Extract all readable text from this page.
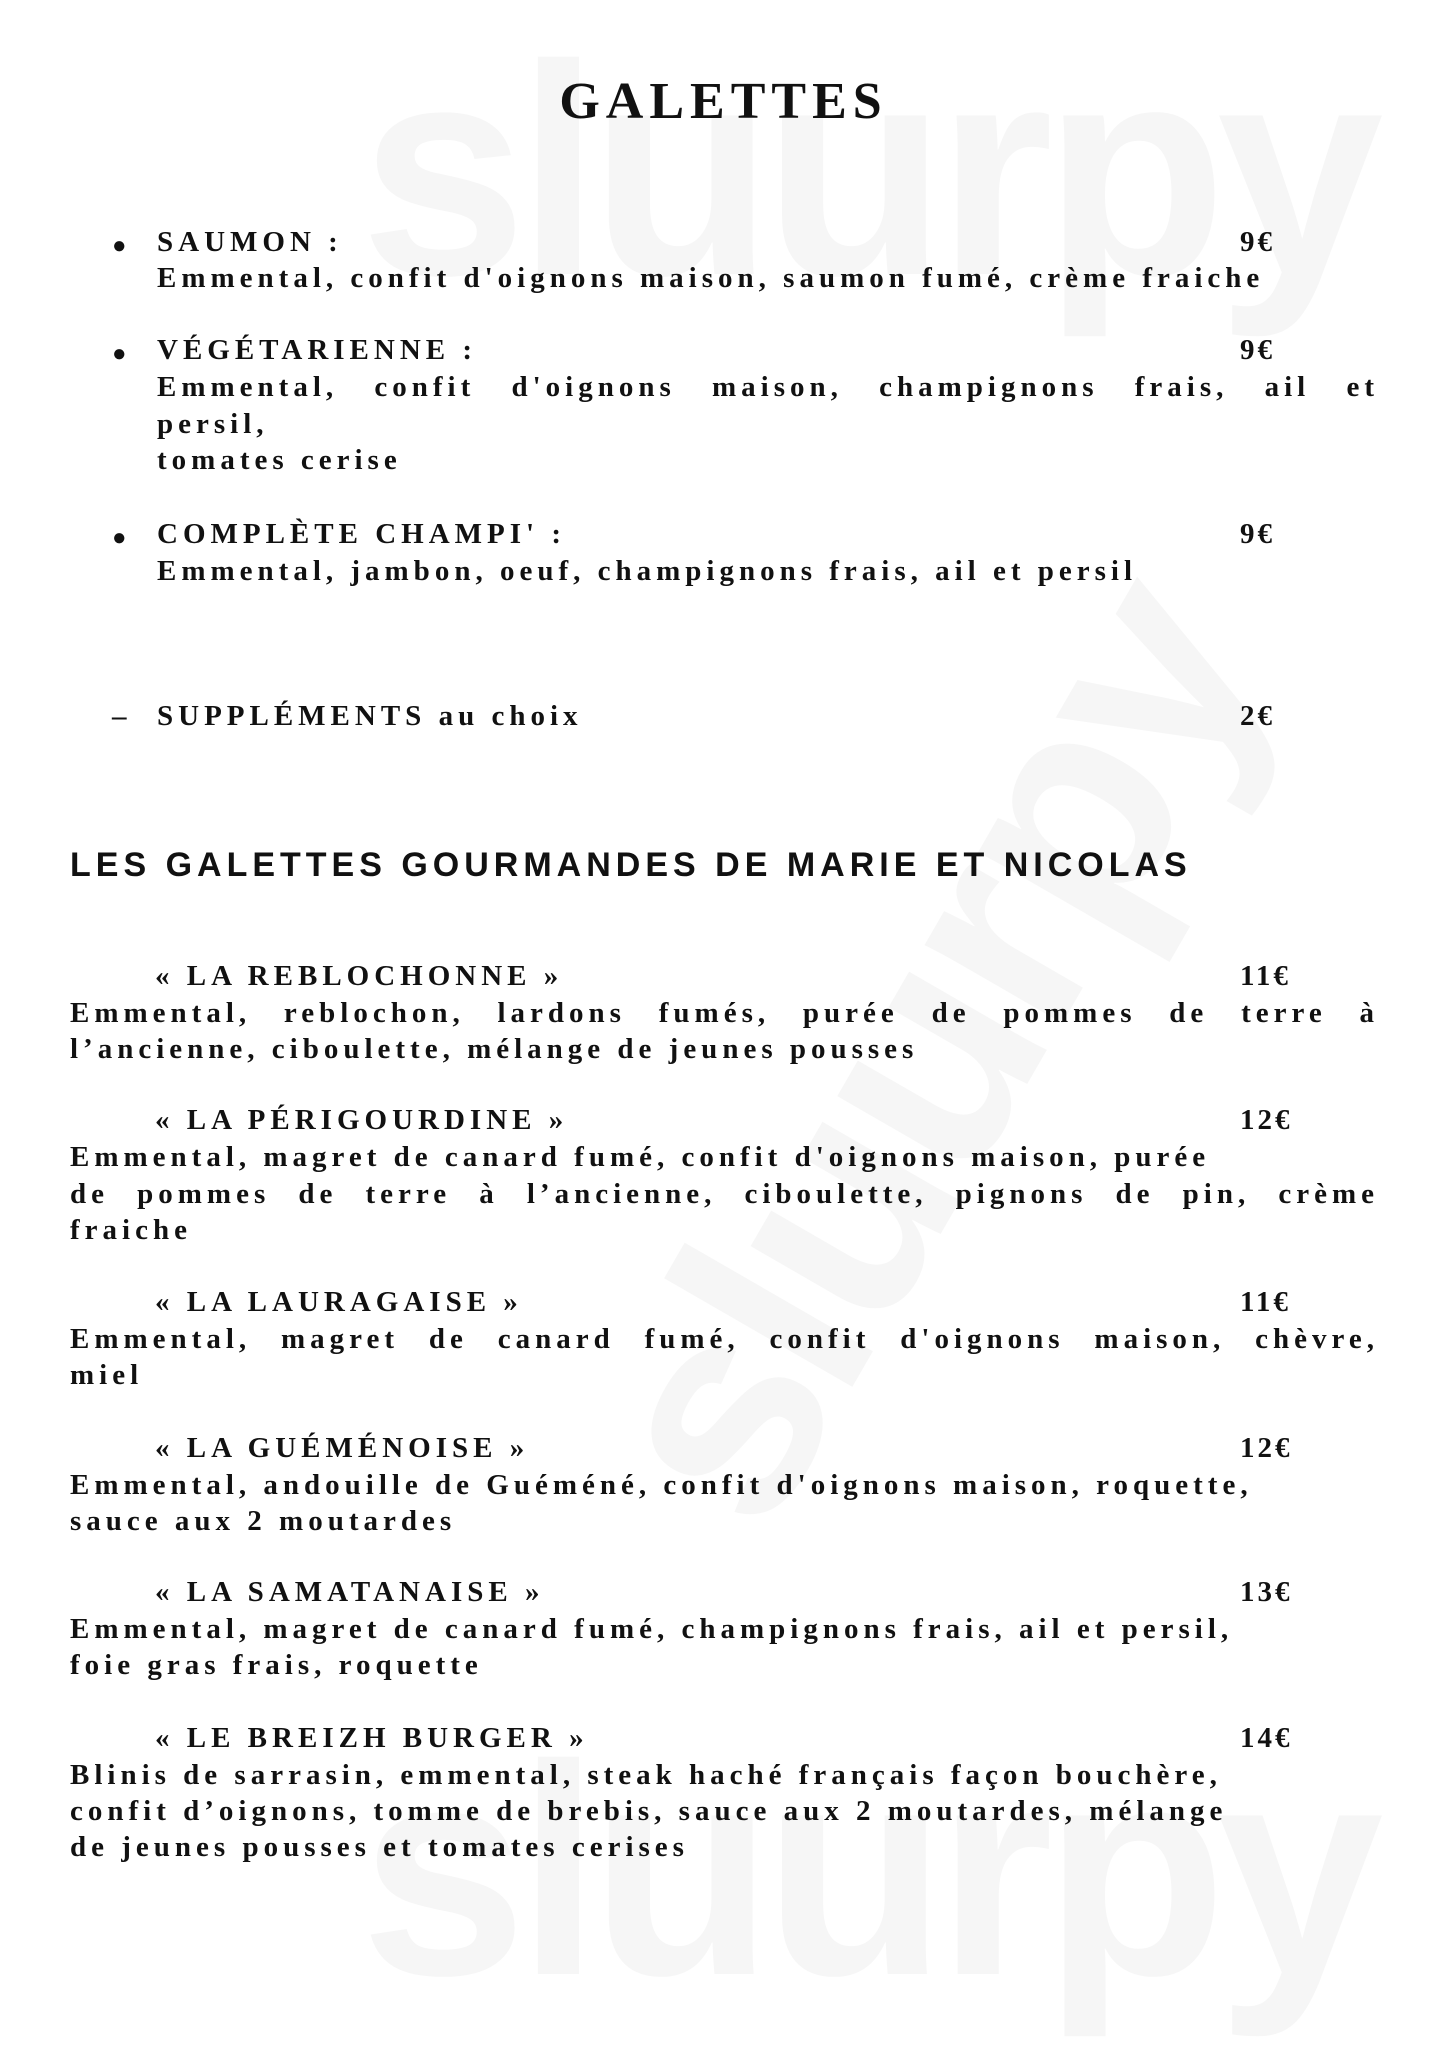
GALETTES
● SAUMON :	9€
Emmental, confit d'oignons maison, saumon fumé, crème fraiche
● VÉGÉTARIENNE :	9€
Emmental, confit d'oignons maison, champignons frais, ail et
persil,
tomates cerise
● COMPLÈTE CHAMPI' :	9€
Emmental, jambon, oeuf, champignons frais, ail et persil
– SUPPLÉMENTS au choix	2€
LES GALETTES GOURMANDES DE MARIE ET NICOLAS
« LA REBLOCHONNE »	11€
Emmental, reblochon, lardons fumés, purée de pommes de terre à
l’ancienne, ciboulette, mélange de jeunes pousses
« LA PÉRIGOURDINE »	12€
Emmental, magret de canard fumé, confit d'oignons maison, purée
de pommes de terre à l’ancienne, ciboulette, pignons de pin, crème
fraiche
« LA LAURAGAISE »	11€
Emmental, magret de canard fumé, confit d'oignons maison, chèvre,
miel
« LA GUÉMÉNOISE »	12€
Emmental, andouille de Guéméné, confit d'oignons maison, roquette,
sauce aux 2 moutardes
« LA SAMATANAISE »	13€
Emmental, magret de canard fumé, champignons frais, ail et persil,
foie gras frais, roquette
« LE BREIZH BURGER »	14€
Blinis de sarrasin, emmental, steak haché français façon bouchère,
confit d’oignons, tomme de brebis, sauce aux 2 moutardes, mélange
de jeunes pousses et tomates cerises
